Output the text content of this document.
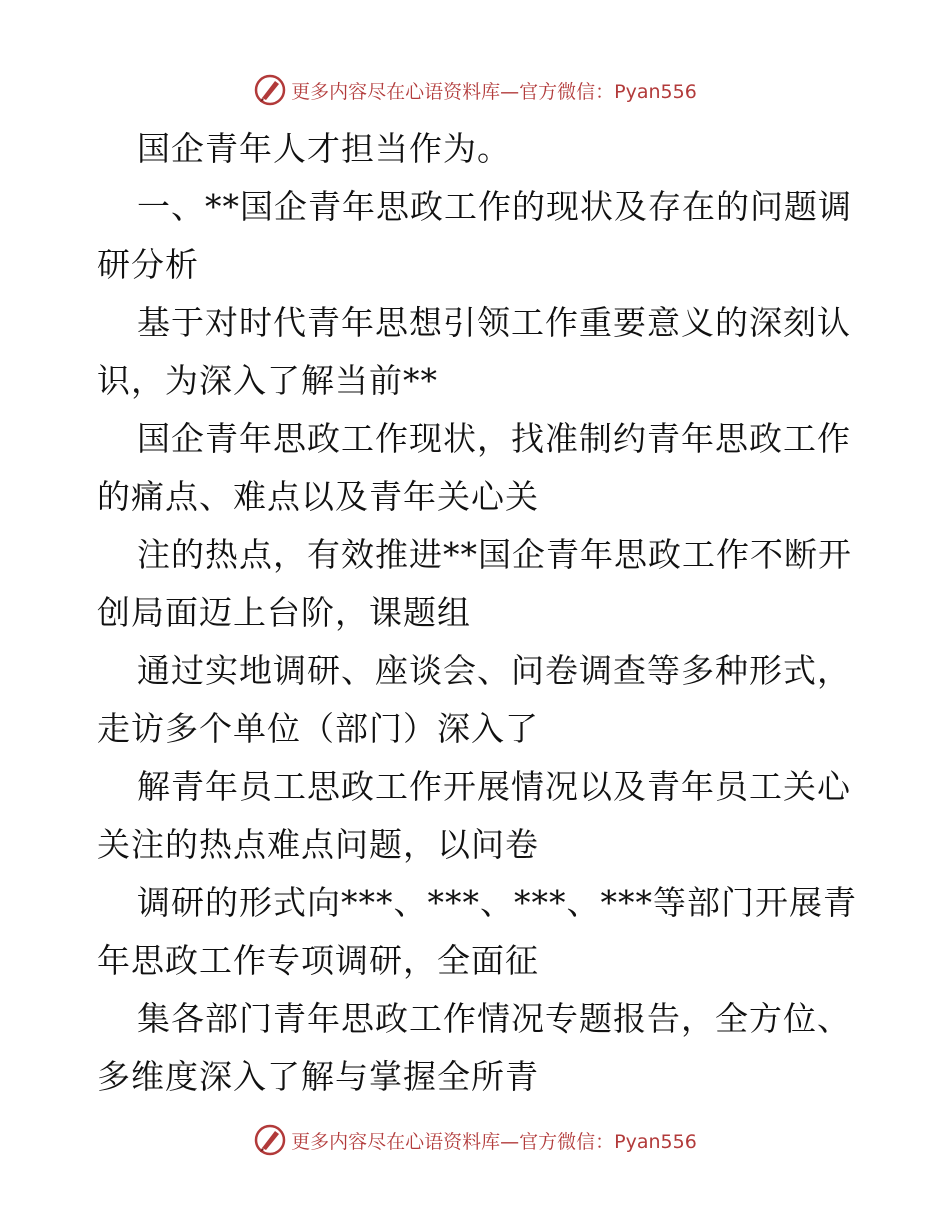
更多内容尽在心语资料库—官方微信：Pyan556

国企青年人才担当作为。

一、**国企青年思政工作的现状及存在的问题调研分析

基于对时代青年思想引领工作重要意义的深刻认识，为深入了解当前**

国企青年思政工作现状，找准制约青年思政工作的痛点、难点以及青年关心关

注的热点，有效推进**国企青年思政工作不断开创局面迈上台阶，课题组

通过实地调研、座谈会、问卷调查等多种形式，走访多个单位（部门）深入了

解青年员工思政工作开展情况以及青年员工关心关注的热点难点问题，以问卷

调研的形式向***、***、***、***等部门开展青年思政工作专项调研，全面征

集各部门青年思政工作情况专题报告，全方位、多维度深入了解与掌握全所青

更多内容尽在心语资料库—官方微信：Pyan556
